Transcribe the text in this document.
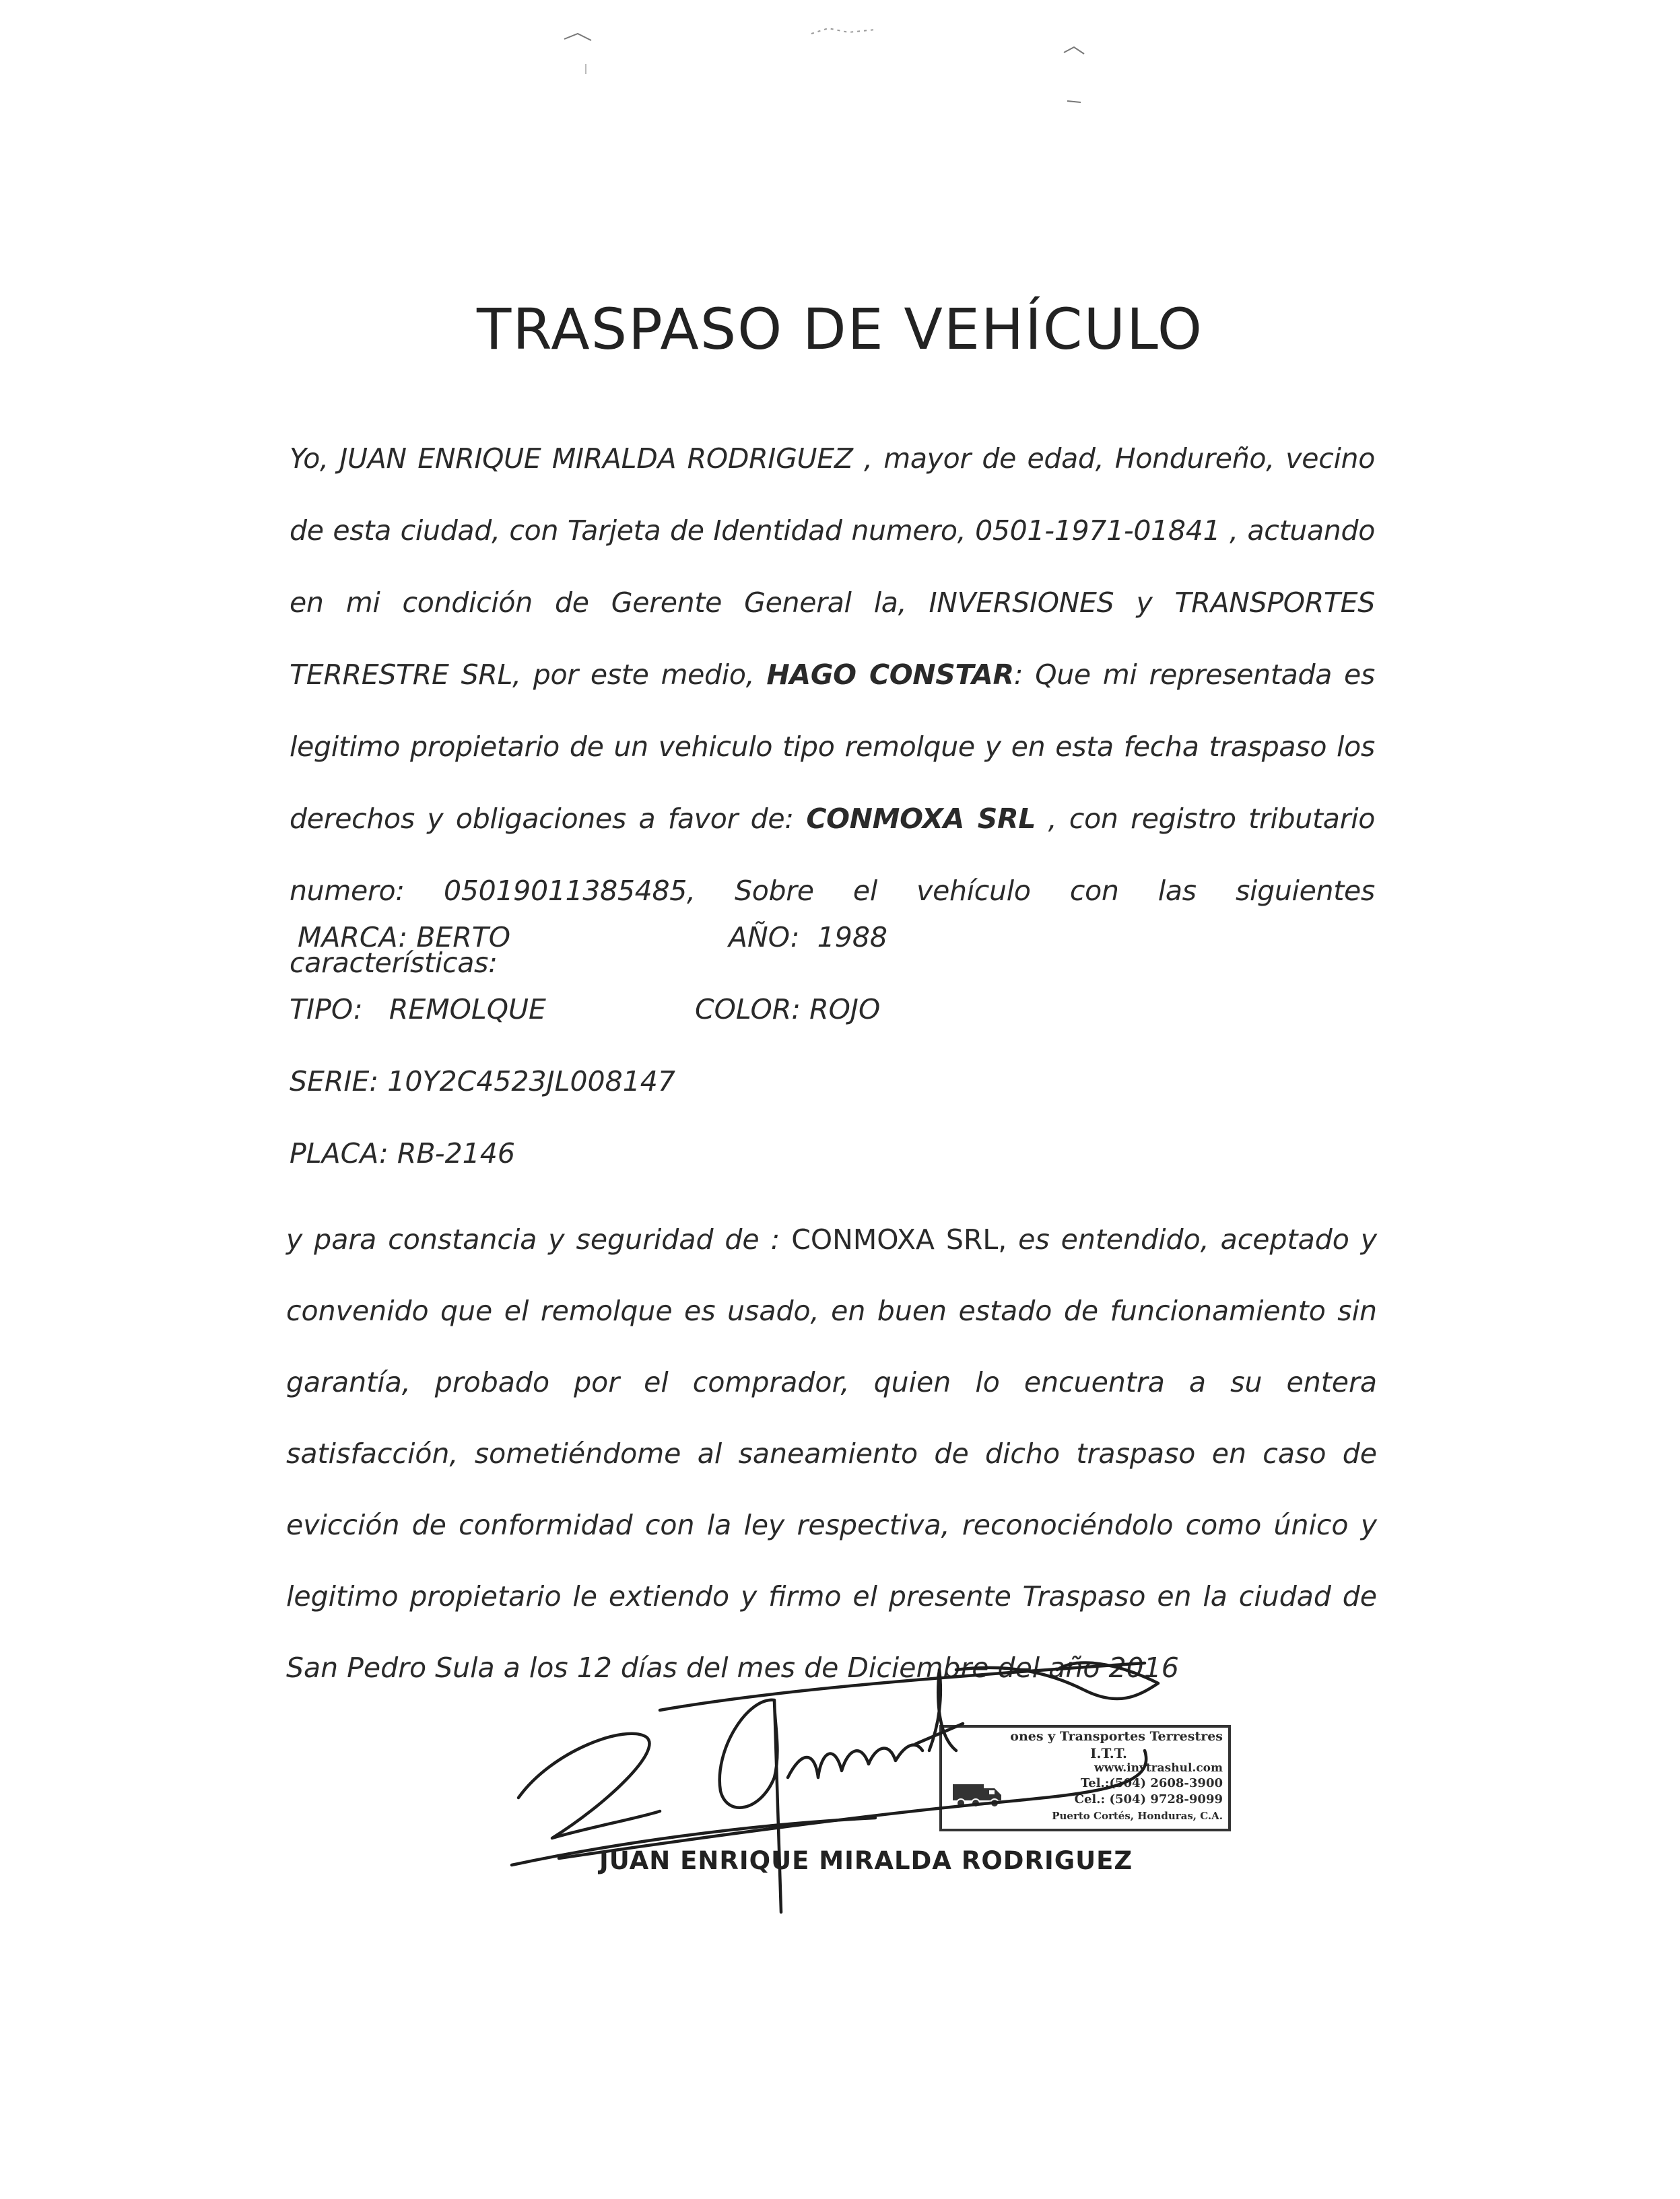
TRASPASO DE VEHÍCULO

Yo, JUAN ENRIQUE MIRALDA RODRIGUEZ , mayor de edad, Hondureño, vecino de esta ciudad, con Tarjeta de Identidad numero, 0501-1971-01841 , actuando en mi condición de Gerente General la, INVERSIONES y TRANSPORTES TERRESTRE SRL, por este medio, HAGO CONSTAR: Que mi representada es legitimo propietario de un vehiculo tipo remolque y en esta fecha traspaso los derechos y obligaciones a favor de: CONMOXA SRL , con registro tributario numero: 05019011385485, Sobre el vehículo con las siguientes características:

MARCA: BERTO	AÑO: 1988
TIPO: REMOLQUE	COLOR: ROJO
SERIE: 10Y2C4523JL008147
PLACA: RB-2146

y para constancia y seguridad de : CONMOXA SRL, es entendido, aceptado y convenido que el remolque es usado, en buen estado de funcionamiento sin garantía, probado por el comprador, quien lo encuentra a su entera satisfacción, sometiéndome al saneamiento de dicho traspaso en caso de evicción de conformidad con la ley respectiva, reconociéndolo como único y legitimo propietario le extiendo y firmo el presente Traspaso en la ciudad de San Pedro Sula a los 12 días del mes de Diciembre del año 2016

ones y Transportes Terrestres
I.T.T.
www.invtrashul.com
Tel.:(504) 2608-3900
Cel.: (504) 9728-9099
Puerto Cortés, Honduras, C.A.
JUAN ENRIQUE MIRALDA RODRIGUEZ
